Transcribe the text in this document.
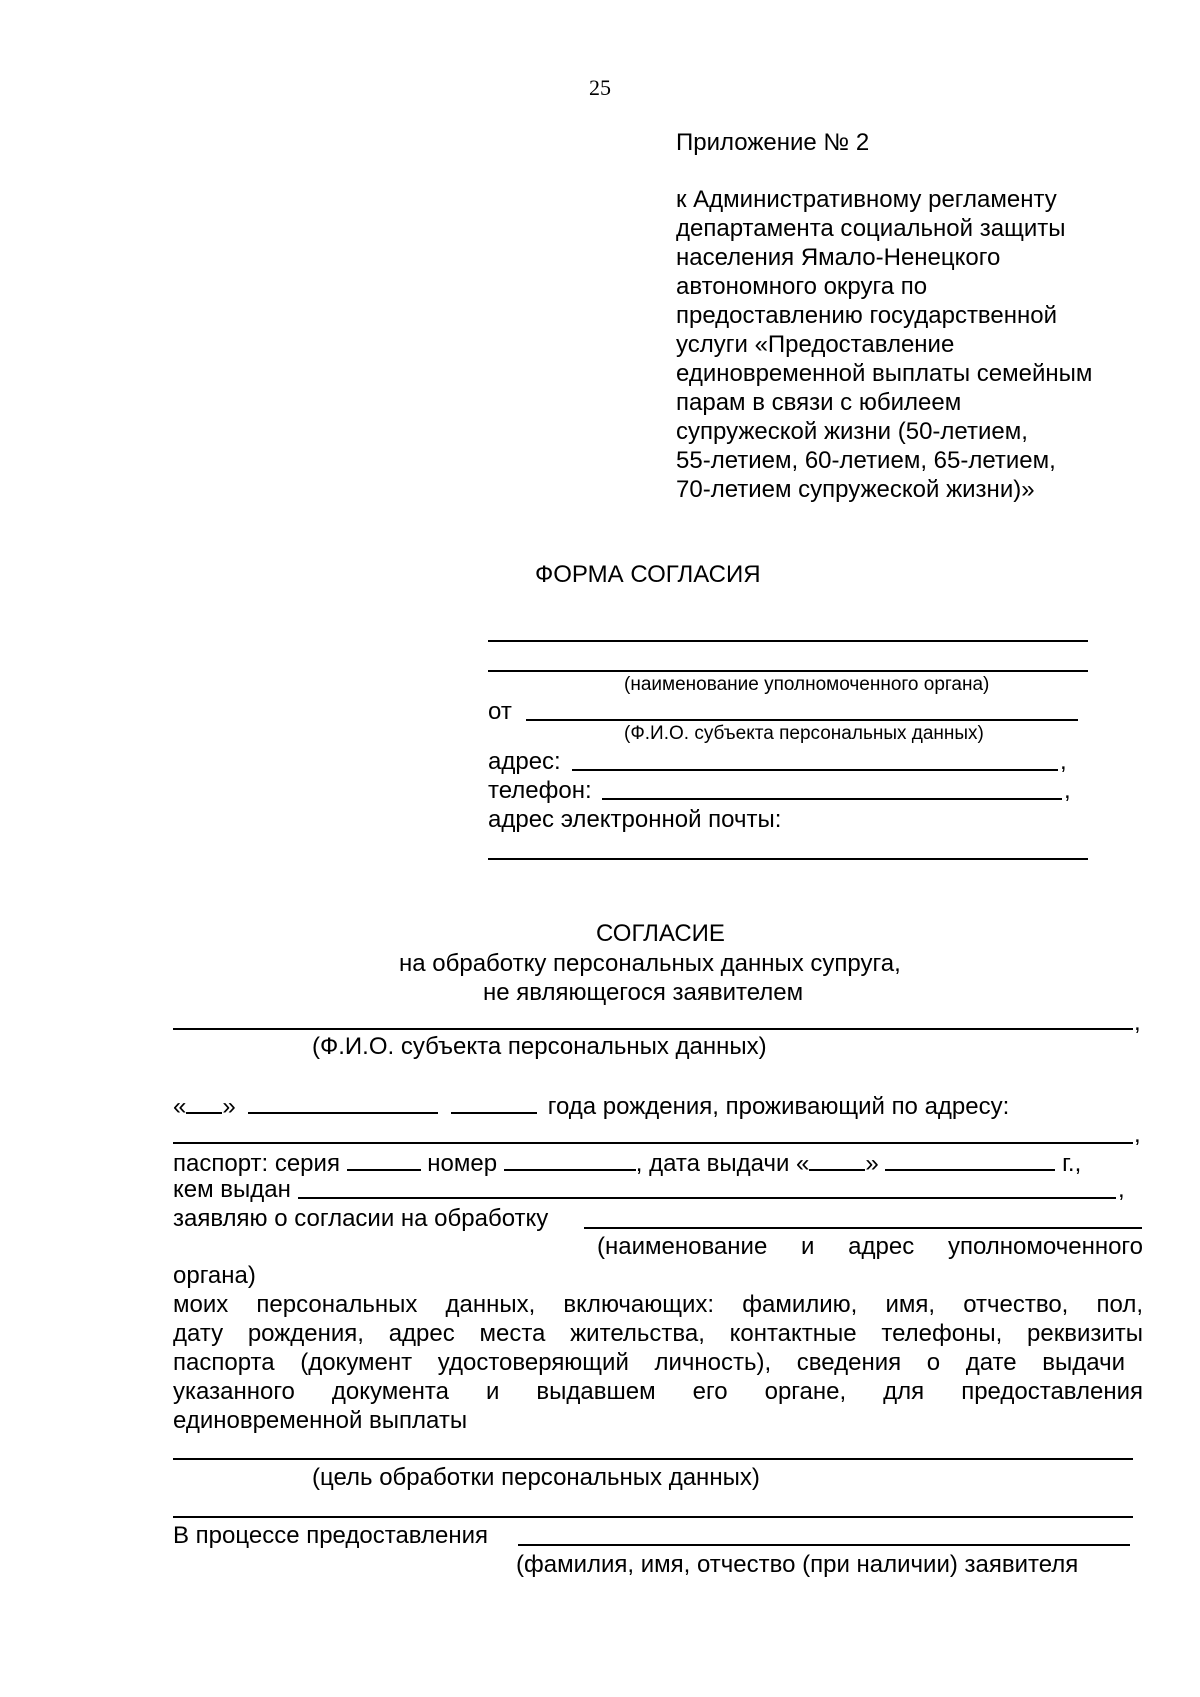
25
Приложение № 2
к Административному регламенту
департамента социальной защиты
населения Ямало-Ненецкого
автономного округа по
предоставлению государственной
услуги «Предоставление
единовременной выплаты семейным
парам в связи с юбилеем
супружеской жизни (50-летием,
55-летием, 60-летием, 65-летием,
70-летием супружеской жизни)»
ФОРМА СОГЛАСИЯ
(наименование уполномоченного органа)
от
(Ф.И.О. субъекта персональных данных)
адрес:	,
телефон:	,
адрес электронной почты:
СОГЛАСИЕ
на обработку персональных данных супруга,
не являющегося заявителем
,
(Ф.И.О. субъекта персональных данных)
« »	года рождения, проживающий по адресу:
,
паспорт: серия	номер	, дата выдачи « »	г.,
кем выдан	,
заявляю о согласии на обработку
(наименование и адрес уполномоченного
органа)
моих персональных данных, включающих: фамилию, имя, отчество, пол,
дату рождения, адрес места жительства, контактные телефоны, реквизиты
паспорта (документ удостоверяющий личность), сведения о дате выдачи
указанного документа и выдавшем его органе, для предоставления
единовременной выплаты
(цель обработки персональных данных)
В процессе предоставления
(фамилия, имя, отчество (при наличии) заявителя
